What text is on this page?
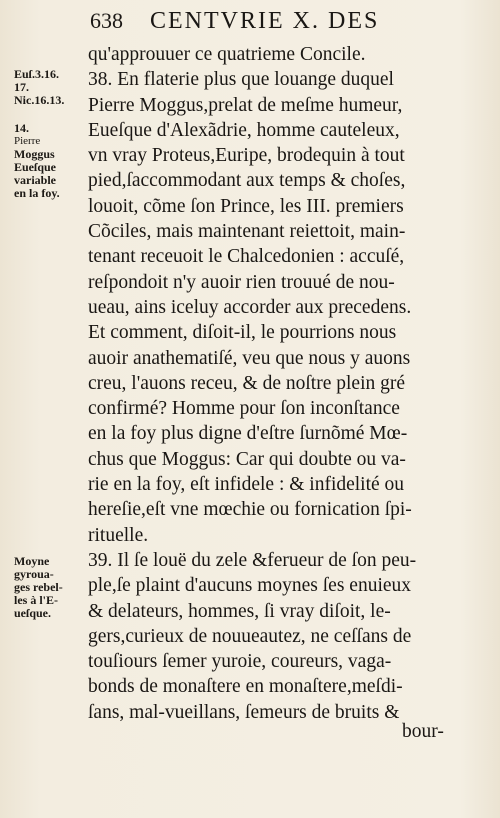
638 CENTVRIE X. DES
Euſ.3.16.
17.
Nic.16.13.
14.
Pierre
Moggus
Eueſque
variable
en la foy.
Moyne
gyroua-
ges rebel-
les à l'E-
ueſque.
qu'approuuer ce quatrieme Concile.
38. En flaterie plus que louange duquel
Pierre Moggus,prelat de meſme humeur,
Eueſque d'Alexãdrie, homme cauteleux,
vn vray Proteus,Euripe, brodequin à tout
pied,ſaccommodant aux temps & choſes,
louoit, cõme ſon Prince, les III. premiers
Cõciles, mais maintenant reiettoit, main-
tenant receuoit le Chalcedonien : accuſé,
reſpondoit n'y auoir rien trouué de nou-
ueau, ains iceluy accorder aux precedens.
Et comment, diſoit-il, le pourrions nous
auoir anathematiſé, veu que nous y auons
creu, l'auons receu, & de noſtre plein gré
confirmé? Homme pour ſon inconſtance
en la foy plus digne d'eſtre ſurnõmé Mœ-
chus que Moggus: Car qui doubte ou va-
rie en la foy, eſt infidele : & infidelité ou
hereſie,eſt vne mœchie ou fornication ſpi-
rituelle.
39. Il ſe louë du zele &ferueur de ſon peu-
ple,ſe plaint d'aucuns moynes ſes enuieux
& delateurs, hommes, ſi vray diſoit, le-
gers,curieux de nouueautez, ne ceſſans de
touſiours ſemer yuroie, coureurs, vaga-
bonds de monaſtere en monaſtere,meſdi-
ſans, mal-vueillans, ſemeurs de bruits &
bour-
